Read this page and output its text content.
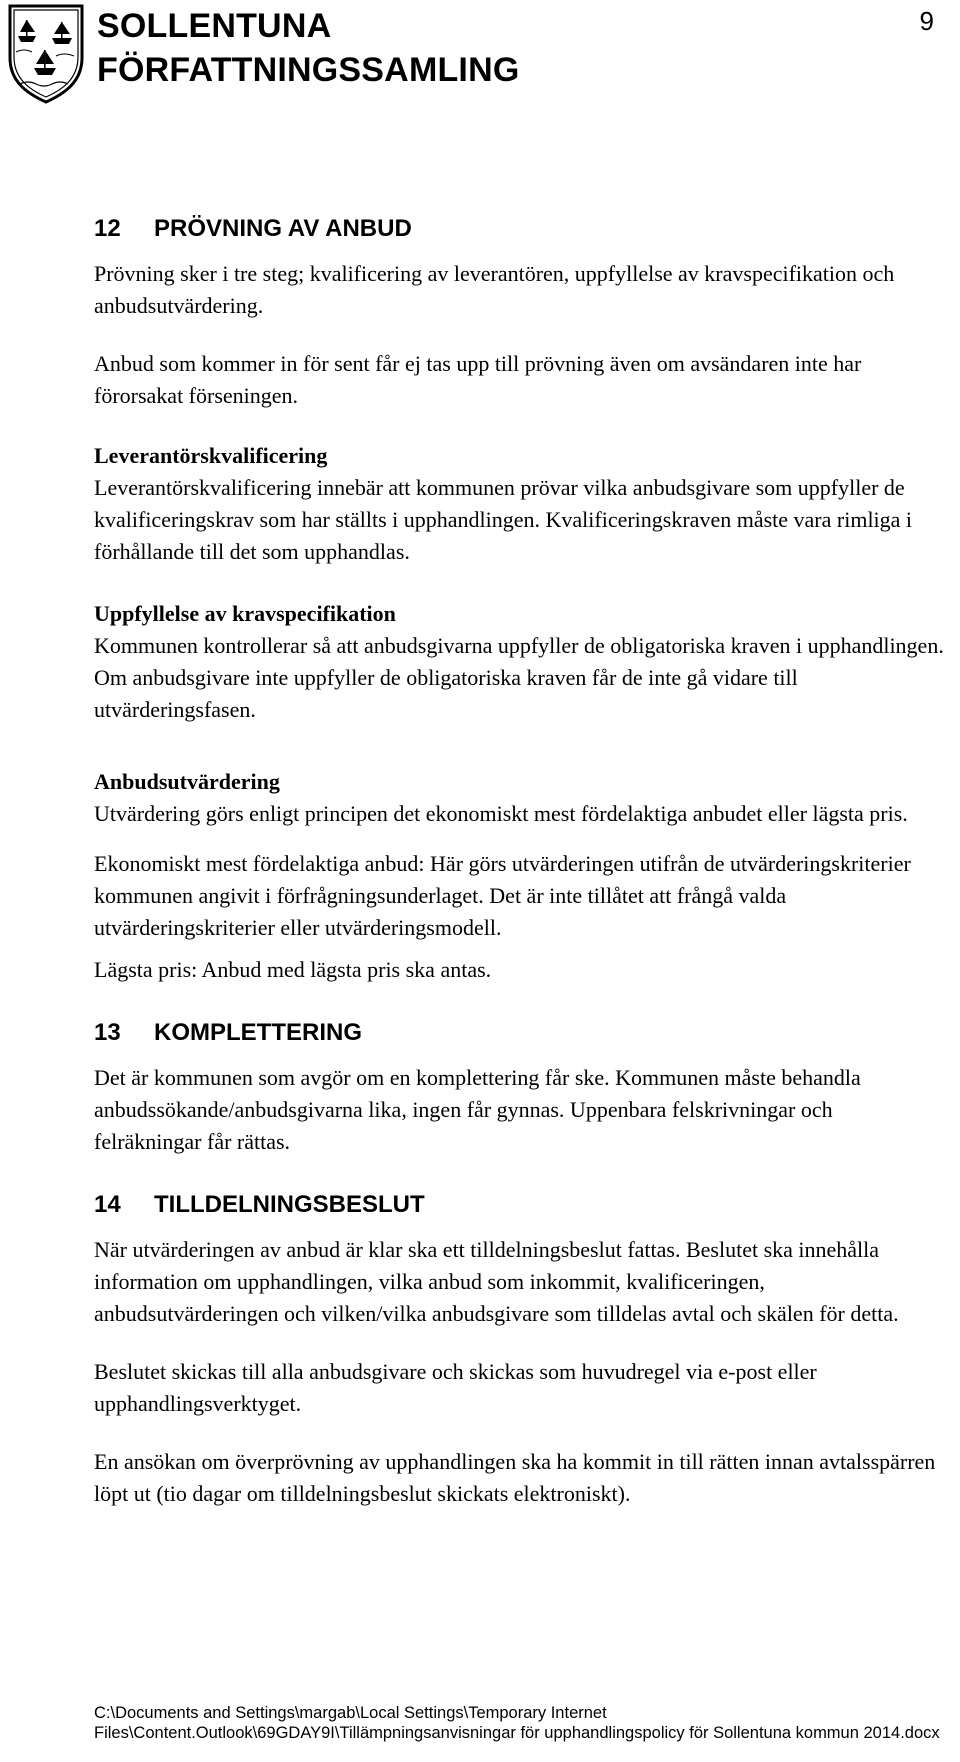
SOLLENTUNA
FÖRFATTNINGSSAMLING
9
12 PRÖVNING AV ANBUD

Prövning sker i tre steg; kvalificering av leverantören, uppfyllelse av kravspecifikation och anbudsutvärdering.

Anbud som kommer in för sent får ej tas upp till prövning även om avsändaren inte har förorsakat förseningen.

Leverantörskvalificering

Leverantörskvalificering innebär att kommunen prövar vilka anbudsgivare som uppfyller de kvalificeringskrav som har ställts i upphandlingen. Kvalificeringskraven måste vara rimliga i förhållande till det som upphandlas.

Uppfyllelse av kravspecifikation

Kommunen kontrollerar så att anbudsgivarna uppfyller de obligatoriska kraven i upphandlingen. Om anbudsgivare inte uppfyller de obligatoriska kraven får de inte gå vidare till utvärderingsfasen.

Anbudsutvärdering

Utvärdering görs enligt principen det ekonomiskt mest fördelaktiga anbudet eller lägsta pris.

Ekonomiskt mest fördelaktiga anbud: Här görs utvärderingen utifrån de utvärderingskriterier kommunen angivit i förfrågningsunderlaget. Det är inte tillåtet att frångå valda utvärderingskriterier eller utvärderingsmodell.

Lägsta pris: Anbud med lägsta pris ska antas.

13 KOMPLETTERING

Det är kommunen som avgör om en komplettering får ske. Kommunen måste behandla anbudssökande/anbudsgivarna lika, ingen får gynnas. Uppenbara felskrivningar och felräkningar får rättas.

14 TILLDELNINGSBESLUT

När utvärderingen av anbud är klar ska ett tilldelningsbeslut fattas. Beslutet ska innehålla information om upphandlingen, vilka anbud som inkommit, kvalificeringen, anbudsutvärderingen och vilken/vilka anbudsgivare som tilldelas avtal och skälen för detta.

Beslutet skickas till alla anbudsgivare och skickas som huvudregel via e-post eller upphandlingsverktyget.

En ansökan om överprövning av upphandlingen ska ha kommit in till rätten innan avtalsspärren löpt ut (tio dagar om tilldelningsbeslut skickats elektroniskt).

C:\Documents and Settings\margab\Local Settings\Temporary Internet Files\Content.Outlook\69GDAY9I\Tillämpningsanvisningar för upphandlingspolicy för Sollentuna kommun 2014.docx
